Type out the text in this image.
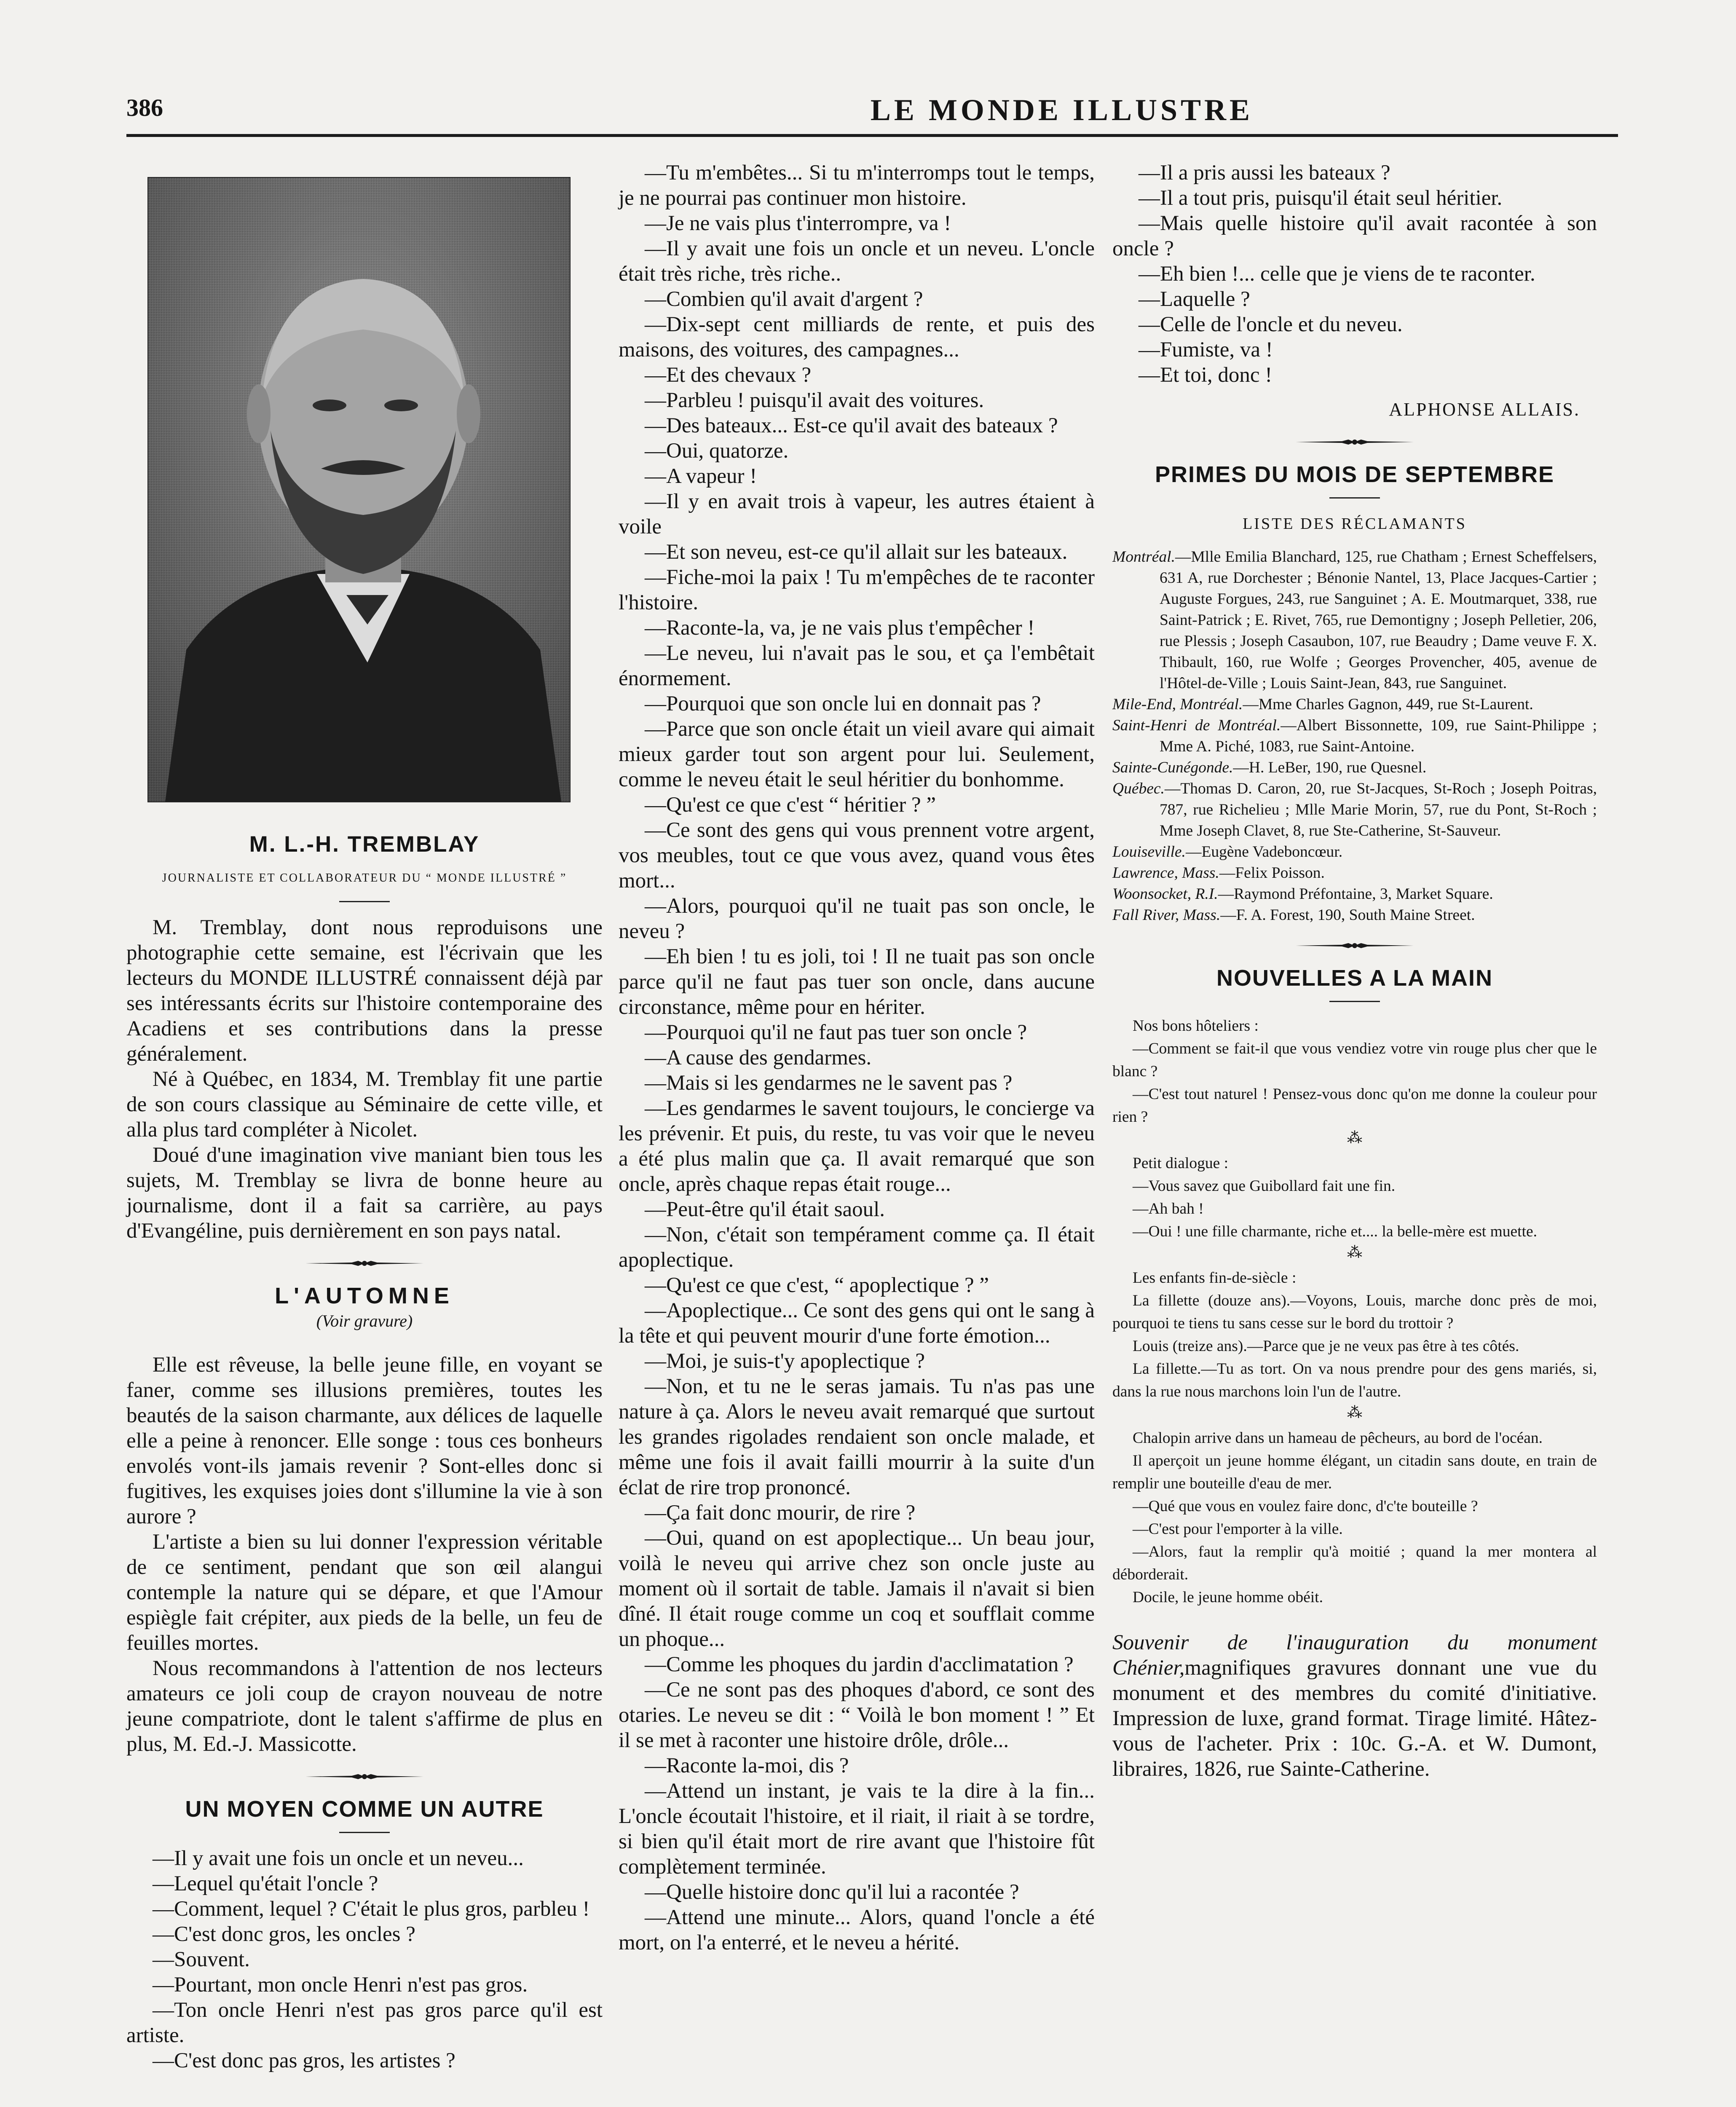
386	LE MONDE ILLUSTRE
M. L.-H. TREMBLAY
JOURNALISTE ET COLLABORATEUR DU “ MONDE ILLUSTRÉ ”

M. Tremblay, dont nous reproduisons une photographie cette semaine, est l'écrivain que les lecteurs du MONDE ILLUSTRÉ connaissent déjà par ses intéressants écrits sur l'histoire contemporaine des Acadiens et ses contributions dans la presse généralement.

Né à Québec, en 1834, M. Tremblay fit une partie de son cours classique au Séminaire de cette ville, et alla plus tard compléter à Nicolet.

Doué d'une imagination vive maniant bien tous les sujets, M. Tremblay se livra de bonne heure au journalisme, dont il a fait sa carrière, au pays d'Evangéline, puis dernièrement en son pays natal.

L'AUTOMNE
(Voir gravure)

Elle est rêveuse, la belle jeune fille, en voyant se faner, comme ses illusions premières, toutes les beautés de la saison charmante, aux délices de laquelle elle a peine à renoncer. Elle songe : tous ces bonheurs envolés vont-ils jamais revenir ? Sont-elles donc si fugitives, les exquises joies dont s'illumine la vie à son aurore ?

L'artiste a bien su lui donner l'expression véritable de ce sentiment, pendant que son œil alangui contemple la nature qui se dépare, et que l'Amour espiègle fait crépiter, aux pieds de la belle, un feu de feuilles mortes.

Nous recommandons à l'attention de nos lecteurs amateurs ce joli coup de crayon nouveau de notre jeune compatriote, dont le talent s'affirme de plus en plus, M. Ed.-J. Massicotte.

UN MOYEN COMME UN AUTRE

—Il y avait une fois un oncle et un neveu...

—Lequel qu'était l'oncle ?

—Comment, lequel ? C'était le plus gros, parbleu !

—C'est donc gros, les oncles ?

—Souvent.

—Pourtant, mon oncle Henri n'est pas gros.

—Ton oncle Henri n'est pas gros parce qu'il est artiste.

—C'est donc pas gros, les artistes ?

—Tu m'embêtes... Si tu m'interromps tout le temps, je ne pourrai pas continuer mon histoire.

—Je ne vais plus t'interrompre, va !

—Il y avait une fois un oncle et un neveu. L'oncle était très riche, très riche..

—Combien qu'il avait d'argent ?

—Dix-sept cent milliards de rente, et puis des maisons, des voitures, des campagnes...

—Et des chevaux ?

—Parbleu ! puisqu'il avait des voitures.

—Des bateaux... Est-ce qu'il avait des bateaux ?

—Oui, quatorze.

—A vapeur !

—Il y en avait trois à vapeur, les autres étaient à voile

—Et son neveu, est-ce qu'il allait sur les bateaux.

—Fiche-moi la paix ! Tu m'empêches de te raconter l'histoire.

—Raconte-la, va, je ne vais plus t'empêcher !

—Le neveu, lui n'avait pas le sou, et ça l'embêtait énormement.

—Pourquoi que son oncle lui en donnait pas ?

—Parce que son oncle était un vieil avare qui aimait mieux garder tout son argent pour lui. Seulement, comme le neveu était le seul héritier du bonhomme.

—Qu'est ce que c'est “ héritier ? ”

—Ce sont des gens qui vous prennent votre argent, vos meubles, tout ce que vous avez, quand vous êtes mort...

—Alors, pourquoi qu'il ne tuait pas son oncle, le neveu ?

—Eh bien ! tu es joli, toi ! Il ne tuait pas son oncle parce qu'il ne faut pas tuer son oncle, dans aucune circonstance, même pour en hériter.

—Pourquoi qu'il ne faut pas tuer son oncle ?

—A cause des gendarmes.

—Mais si les gendarmes ne le savent pas ?

—Les gendarmes le savent toujours, le concierge va les prévenir. Et puis, du reste, tu vas voir que le neveu a été plus malin que ça. Il avait remarqué que son oncle, après chaque repas était rouge...

—Peut-être qu'il était saoul.

—Non, c'était son tempérament comme ça. Il était apoplectique.

—Qu'est ce que c'est, “ apoplectique ? ”

—Apoplectique... Ce sont des gens qui ont le sang à la tête et qui peuvent mourir d'une forte émotion...

—Moi, je suis-t'y apoplectique ?

—Non, et tu ne le seras jamais. Tu n'as pas une nature à ça. Alors le neveu avait remarqué que surtout les grandes rigolades rendaient son oncle malade, et même une fois il avait failli mourrir à la suite d'un éclat de rire trop prononcé.

—Ça fait donc mourir, de rire ?

—Oui, quand on est apoplectique... Un beau jour, voilà le neveu qui arrive chez son oncle juste au moment où il sortait de table. Jamais il n'avait si bien dîné. Il était rouge comme un coq et soufflait comme un phoque...

—Comme les phoques du jardin d'acclimatation ?

—Ce ne sont pas des phoques d'abord, ce sont des otaries. Le neveu se dit : “ Voilà le bon moment ! ” Et il se met à raconter une histoire drôle, drôle...

—Raconte la-moi, dis ?

—Attend un instant, je vais te la dire à la fin... L'oncle écoutait l'histoire, et il riait, il riait à se tordre, si bien qu'il était mort de rire avant que l'histoire fût complètement terminée.

—Quelle histoire donc qu'il lui a racontée ?

—Attend une minute... Alors, quand l'oncle a été mort, on l'a enterré, et le neveu a hérité.

—Il a pris aussi les bateaux ?

—Il a tout pris, puisqu'il était seul héritier.

—Mais quelle histoire qu'il avait racontée à son oncle ?

—Eh bien !... celle que je viens de te raconter.

—Laquelle ?

—Celle de l'oncle et du neveu.

—Fumiste, va !

—Et toi, donc !

ALPHONSE ALLAIS.
PRIMES DU MOIS DE SEPTEMBRE
LISTE DES RÉCLAMANTS

Montréal.—Mlle Emilia Blanchard, 125, rue Chatham ; Ernest Scheffelsers, 631 A, rue Dorchester ; Bénonie Nantel, 13, Place Jacques-Cartier ; Auguste Forgues, 243, rue Sanguinet ; A. E. Moutmarquet, 338, rue Saint-Patrick ; E. Rivet, 765, rue Demontigny ; Joseph Pelletier, 206, rue Plessis ; Joseph Casaubon, 107, rue Beaudry ; Dame veuve F. X. Thibault, 160, rue Wolfe ; Georges Provencher, 405, avenue de l'Hôtel-de-Ville ; Louis Saint-Jean, 843, rue Sanguinet.

Mile-End, Montréal.—Mme Charles Gagnon, 449, rue St-Laurent.

Saint-Henri de Montréal.—Albert Bissonnette, 109, rue Saint-Philippe ; Mme A. Piché, 1083, rue Saint-Antoine.

Sainte-Cunégonde.—H. LeBer, 190, rue Quesnel.

Québec.—Thomas D. Caron, 20, rue St-Jacques, St-Roch ; Joseph Poitras, 787, rue Richelieu ; Mlle Marie Morin, 57, rue du Pont, St-Roch ; Mme Joseph Clavet, 8, rue Ste-Catherine, St-Sauveur.

Louiseville.—Eugène Vadeboncœur.

Lawrence, Mass.—Felix Poisson.

Woonsocket, R.I.—Raymond Préfontaine, 3, Market Square.

Fall River, Mass.—F. A. Forest, 190, South Maine Street.

NOUVELLES A LA MAIN

Nos bons hôteliers :

—Comment se fait-il que vous vendiez votre vin rouge plus cher que le blanc ?

—C'est tout naturel ! Pensez-vous donc qu'on me donne la couleur pour rien ?

⁂

Petit dialogue :

—Vous savez que Guibollard fait une fin.

—Ah bah !

—Oui ! une fille charmante, riche et.... la belle-mère est muette.

⁂

Les enfants fin-de-siècle :

La fillette (douze ans).—Voyons, Louis, marche donc près de moi, pourquoi te tiens tu sans cesse sur le bord du trottoir ?

Louis (treize ans).—Parce que je ne veux pas être à tes côtés.

La fillette.—Tu as tort. On va nous prendre pour des gens mariés, si, dans la rue nous marchons loin l'un de l'autre.

⁂

Chalopin arrive dans un hameau de pêcheurs, au bord de l'océan.

Il aperçoit un jeune homme élégant, un citadin sans doute, en train de remplir une bouteille d'eau de mer.

—Qué que vous en voulez faire donc, d'c'te bouteille ?

—C'est pour l'emporter à la ville.

—Alors, faut la remplir qu'à moitié ; quand la mer montera al déborderait.

Docile, le jeune homme obéit.

Souvenir de l'inauguration du monument Chénier,magnifiques gravures donnant une vue du monument et des membres du comité d'initiative. Impression de luxe, grand format. Tirage limité. Hâtez-vous de l'acheter. Prix : 10c. G.-A. et W. Dumont, libraires, 1826, rue Sainte-Catherine.
